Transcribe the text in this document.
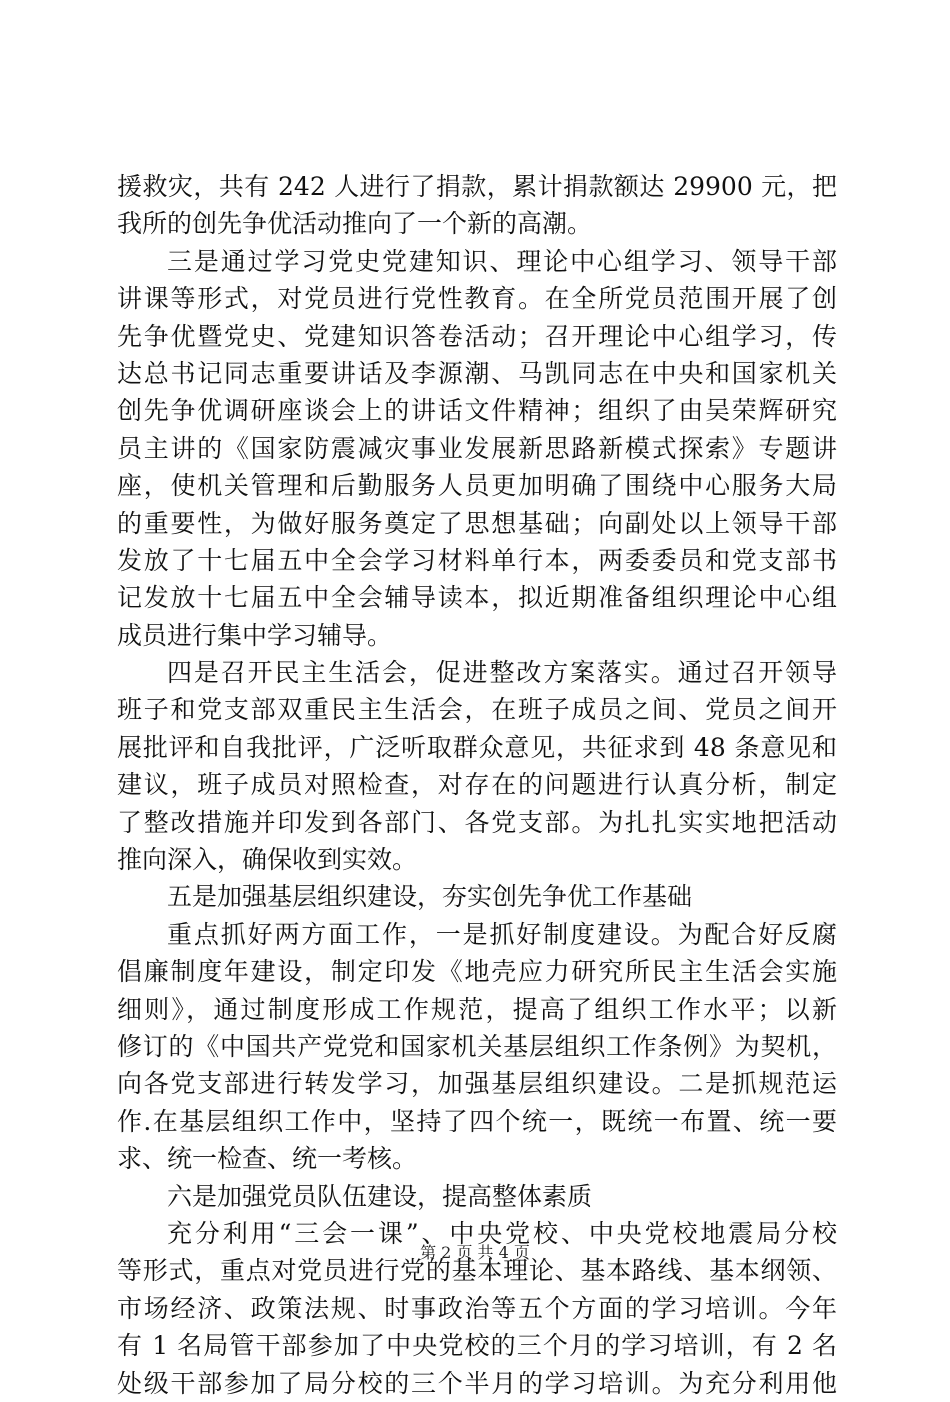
援救灾，共有 242 人进行了捐款，累计捐款额达 29900 元，把
我所的创先争优活动推向了一个新的高潮。
三是通过学习党史党建知识、理论中心组学习、领导干部
讲课等形式，对党员进行党性教育。在全所党员范围开展了创
先争优暨党史、党建知识答卷活动；召开理论中心组学习，传
达总书记同志重要讲话及李源潮、马凯同志在中央和国家机关
创先争优调研座谈会上的讲话文件精神；组织了由吴荣辉研究
员主讲的《国家防震减灾事业发展新思路新模式探索》专题讲
座，使机关管理和后勤服务人员更加明确了围绕中心服务大局
的重要性，为做好服务奠定了思想基础；向副处以上领导干部
发放了十七届五中全会学习材料单行本，两委委员和党支部书
记发放十七届五中全会辅导读本，拟近期准备组织理论中心组
成员进行集中学习辅导。
四是召开民主生活会，促进整改方案落实。通过召开领导
班子和党支部双重民主生活会，在班子成员之间、党员之间开
展批评和自我批评，广泛听取群众意见，共征求到 48 条意见和
建议，班子成员对照检查，对存在的问题进行认真分析，制定
了整改措施并印发到各部门、各党支部。为扎扎实实地把活动
推向深入，确保收到实效。
五是加强基层组织建设，夯实创先争优工作基础
重点抓好两方面工作，一是抓好制度建设。为配合好反腐
倡廉制度年建设，制定印发《地壳应力研究所民主生活会实施
细则》，通过制度形成工作规范，提高了组织工作水平；以新
修订的《中国共产党党和国家机关基层组织工作条例》为契机，
向各党支部进行转发学习，加强基层组织建设。二是抓规范运
作.在基层组织工作中，坚持了四个统一，既统一布置、统一要
求、统一检查、统一考核。
六是加强党员队伍建设，提高整体素质
充分利用“三会一课”、中央党校、中央党校地震局分校
等形式，重点对党员进行党的基本理论、基本路线、基本纲领、
市场经济、政策法规、时事政治等五个方面的学习培训。今年
有 1 名局管干部参加了中央党校的三个月的学习培训，有 2 名
处级干部参加了局分校的三个半月的学习培训。为充分利用他
第 2 页 共 4 页
